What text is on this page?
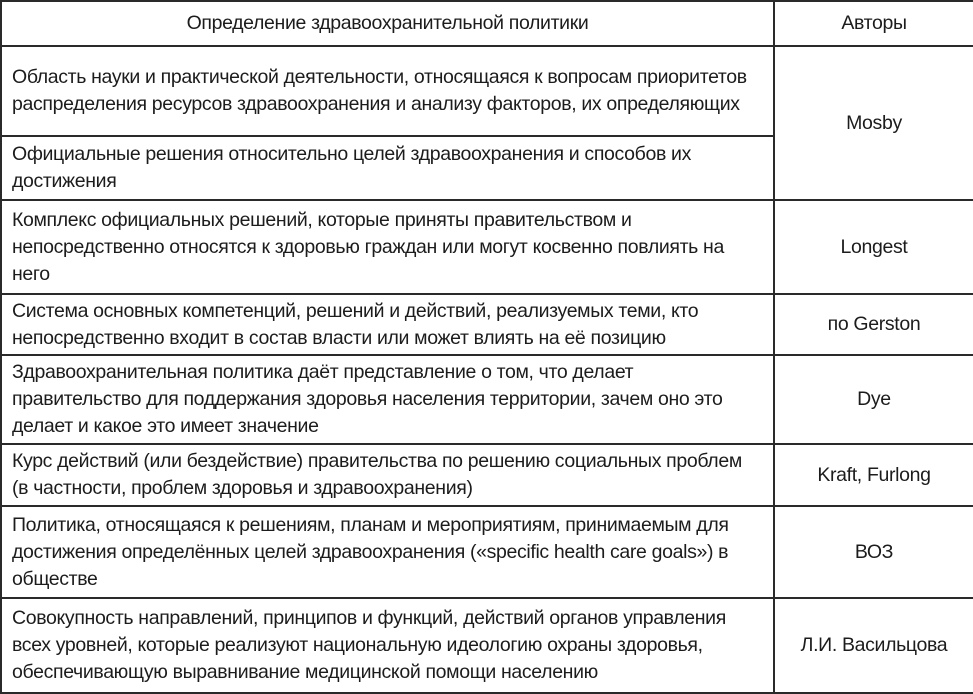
Определение здравоохранительной политики	Авторы
Область науки и практической деятельности, относящаяся к вопросам приоритетов распределения ресурсов здравоохранения и анализу факторов, их определяющих	Mosby
Официальные решения относительно целей здравоохранения и способов их достижения	
Комплекс официальных решений, которые приняты правительством и непосредственно относятся к здоровью граждан или могут косвенно повлиять на него	Longest
Система основных компетенций, решений и действий, реализуемых теми, кто непосредственно входит в состав власти или может влиять на её позицию	по Gerston
Здравоохранительная политика даёт представление о том, что делает правительство для поддержания здоровья населения территории, зачем оно это делает и какое это имеет значение	Dye
Курс действий (или бездействие) правительства по решению социальных проблем (в частности, проблем здоровья и здравоохранения)	Kraft, Furlong
Политика, относящаяся к решениям, планам и мероприятиям, принимаемым для достижения определённых целей здравоохранения («specific health care goals») в обществе	ВОЗ
Совокупность направлений, принципов и функций, действий органов управления всех уровней, которые реализуют национальную идеологию охраны здоровья, обеспечивающую выравнивание медицинской помощи населению	Л.И. Васильцова
